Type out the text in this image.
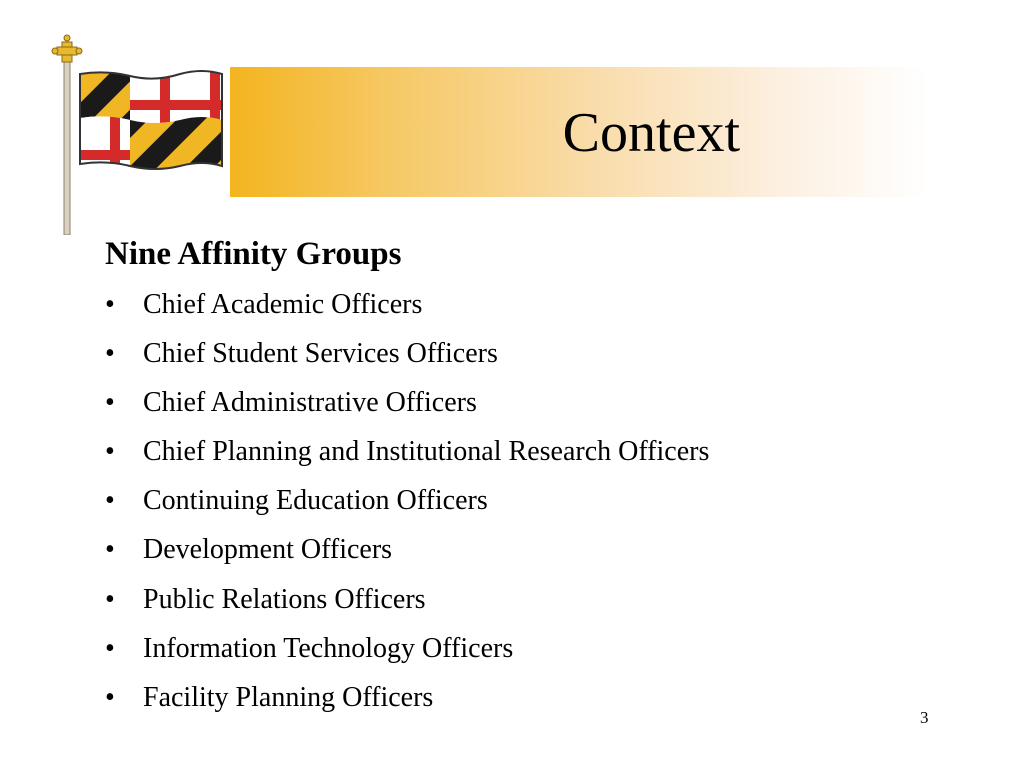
Context
Nine Affinity Groups
• Chief Academic Officers
• Chief Student Services Officers
• Chief Administrative Officers
• Chief Planning and Institutional Research Officers
• Continuing Education Officers
• Development Officers
• Public Relations Officers
• Information Technology Officers
• Facility Planning Officers
3
